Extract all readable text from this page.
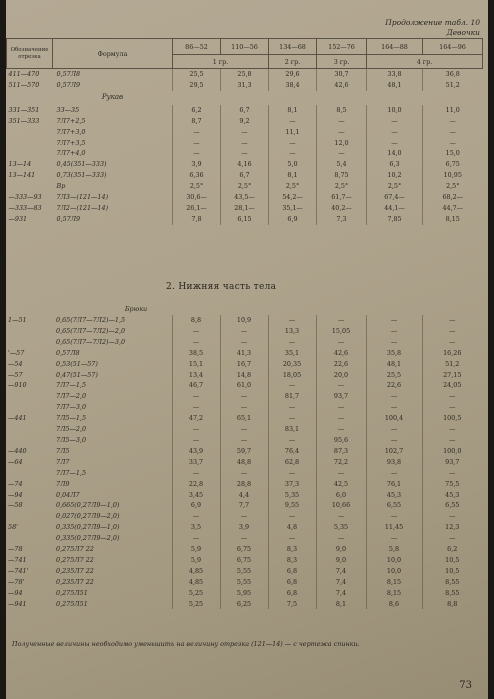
Продолжение табл. 10
Девочки
Обозначение отрезка	Формула	86—52	110—56	134—68	152—76	164—88	164—96
		1 гр.		2 гр.	3 гр.	4 гр.	
411—470	0,57Л8	25,5	25,8	29,6	30,7	33,8	36,8
511—570	0,57Л9	29,5	31,3	38,4	42,6	48,1	51,2
	Рукав						
331—351	33—35	6,2	6,7	8,1	8,5	10,0	11,0
351—333	7Л7+2,5	8,7	9,2	—	—	—	—
	7Л7+3,0	—	—	11,1	—	—	—
	7Л7+3,5	—	—	—	12,0	—	—
	7Л7+4,0	—	—	—	—	14,0	15,0
13—14	0,45(351—333)	3,9	4,16	5,0	5,4	6,3	6,75
13—141	0,73(351—333)	6,36	6,7	8,1	8,75	10,2	10,95
	Вр	2,5°	2,5°	2,5°	2,5°	2,5°	2,5°
—333—93	7Л3—(121—14)	30,6—	43,5—	54,2—	61,7—	67,4—	68,2—
—333—83	7Л2—(121—14)	26,1—	28,1—	35,1—	40,2—	44,1—	44,7—
—931	0,57Л9	7,8	6,15	6,9	7,3	7,85	8,15
2. Нижняя часть тела
	Брюки						
1—51	0,65(7Л7—7Л2)—1,5	8,8	10,9	—	—	—	—
	0,65(7Л7—7Л2)—2,0	—	—	13,3	15,05	—	—
	0,65(7Л7—7Л2)—3,0	—	—	—	—	—	—
'—57	0,57Л8	38,5	41,3	35,1	42,6	35,8	16,26
—54	0,53(51—57)	15,1	16,7	20,35	22,6	48,1	51,2
—57	0,47(51—57)	13,4	14,8	18,05	20,0	25,5	27,15
—910	7Л7—1,5	46,7	61,0	—	—	22,6	24,05
	7Л7—2,0	—	—	81,7	93,7	—	—
	7Л7—3,0	—	—	—	—	—	—
—441	7Л5—1,5	47,2	65,1	—	—	100,4	100,5
	7Л5—2,0	—	—	83,1	—	—	—
	7Л5—3,0	—	—	—	95,6	—	—
—440	7Л5	43,9	59,7	76,4	87,3	102,7	100,0
—64	7Л7	33,7	48,8	62,8	72,2	93,8	93,7
	7Л7—1,5	—	—	—	—	—	—
—74	7Л9	22,8	28,8	37,3	42,5	76,1	75,5
—94	0,04Л7	3,45	4,4	5,35	6,0	45,3	45,3
—58	0,665(0,27Л9—1,0)	6,9	7,7	9,55	10,66	6,55	6,55
	0,027(0,27Л9—2,0)	—	—	—	—	—	—
58'	0,335(0,27Л9—1,0)	3,5	3,9	4,8	5,35	11,45	12,3
	0,335(0,27Л9—2,0)	—	—	—	—	—	—
—78	0,275Л7 22	5,9	6,75	8,3	9,0	5,8	6,2
—741	0,275Л7 22	5,9	6,75	8,3	9,0	10,0	10,5
—741'	0,235Л7 22	4,85	5,55	6,8	7,4	10,0	10,5
—78'	0,235Л7 22	4,85	5,55	6,8	7,4	8,15	8,55
—94	0,275Л51	5,25	5,95	6,8	7,4	8,15	8,55
—941	0,275Л51	5,25	6,25	7,5	8,1	8,6	8,8
Полученные величины необходимо уменьшить на величину отрезка (121—14) — с чертежа спинки.
73
